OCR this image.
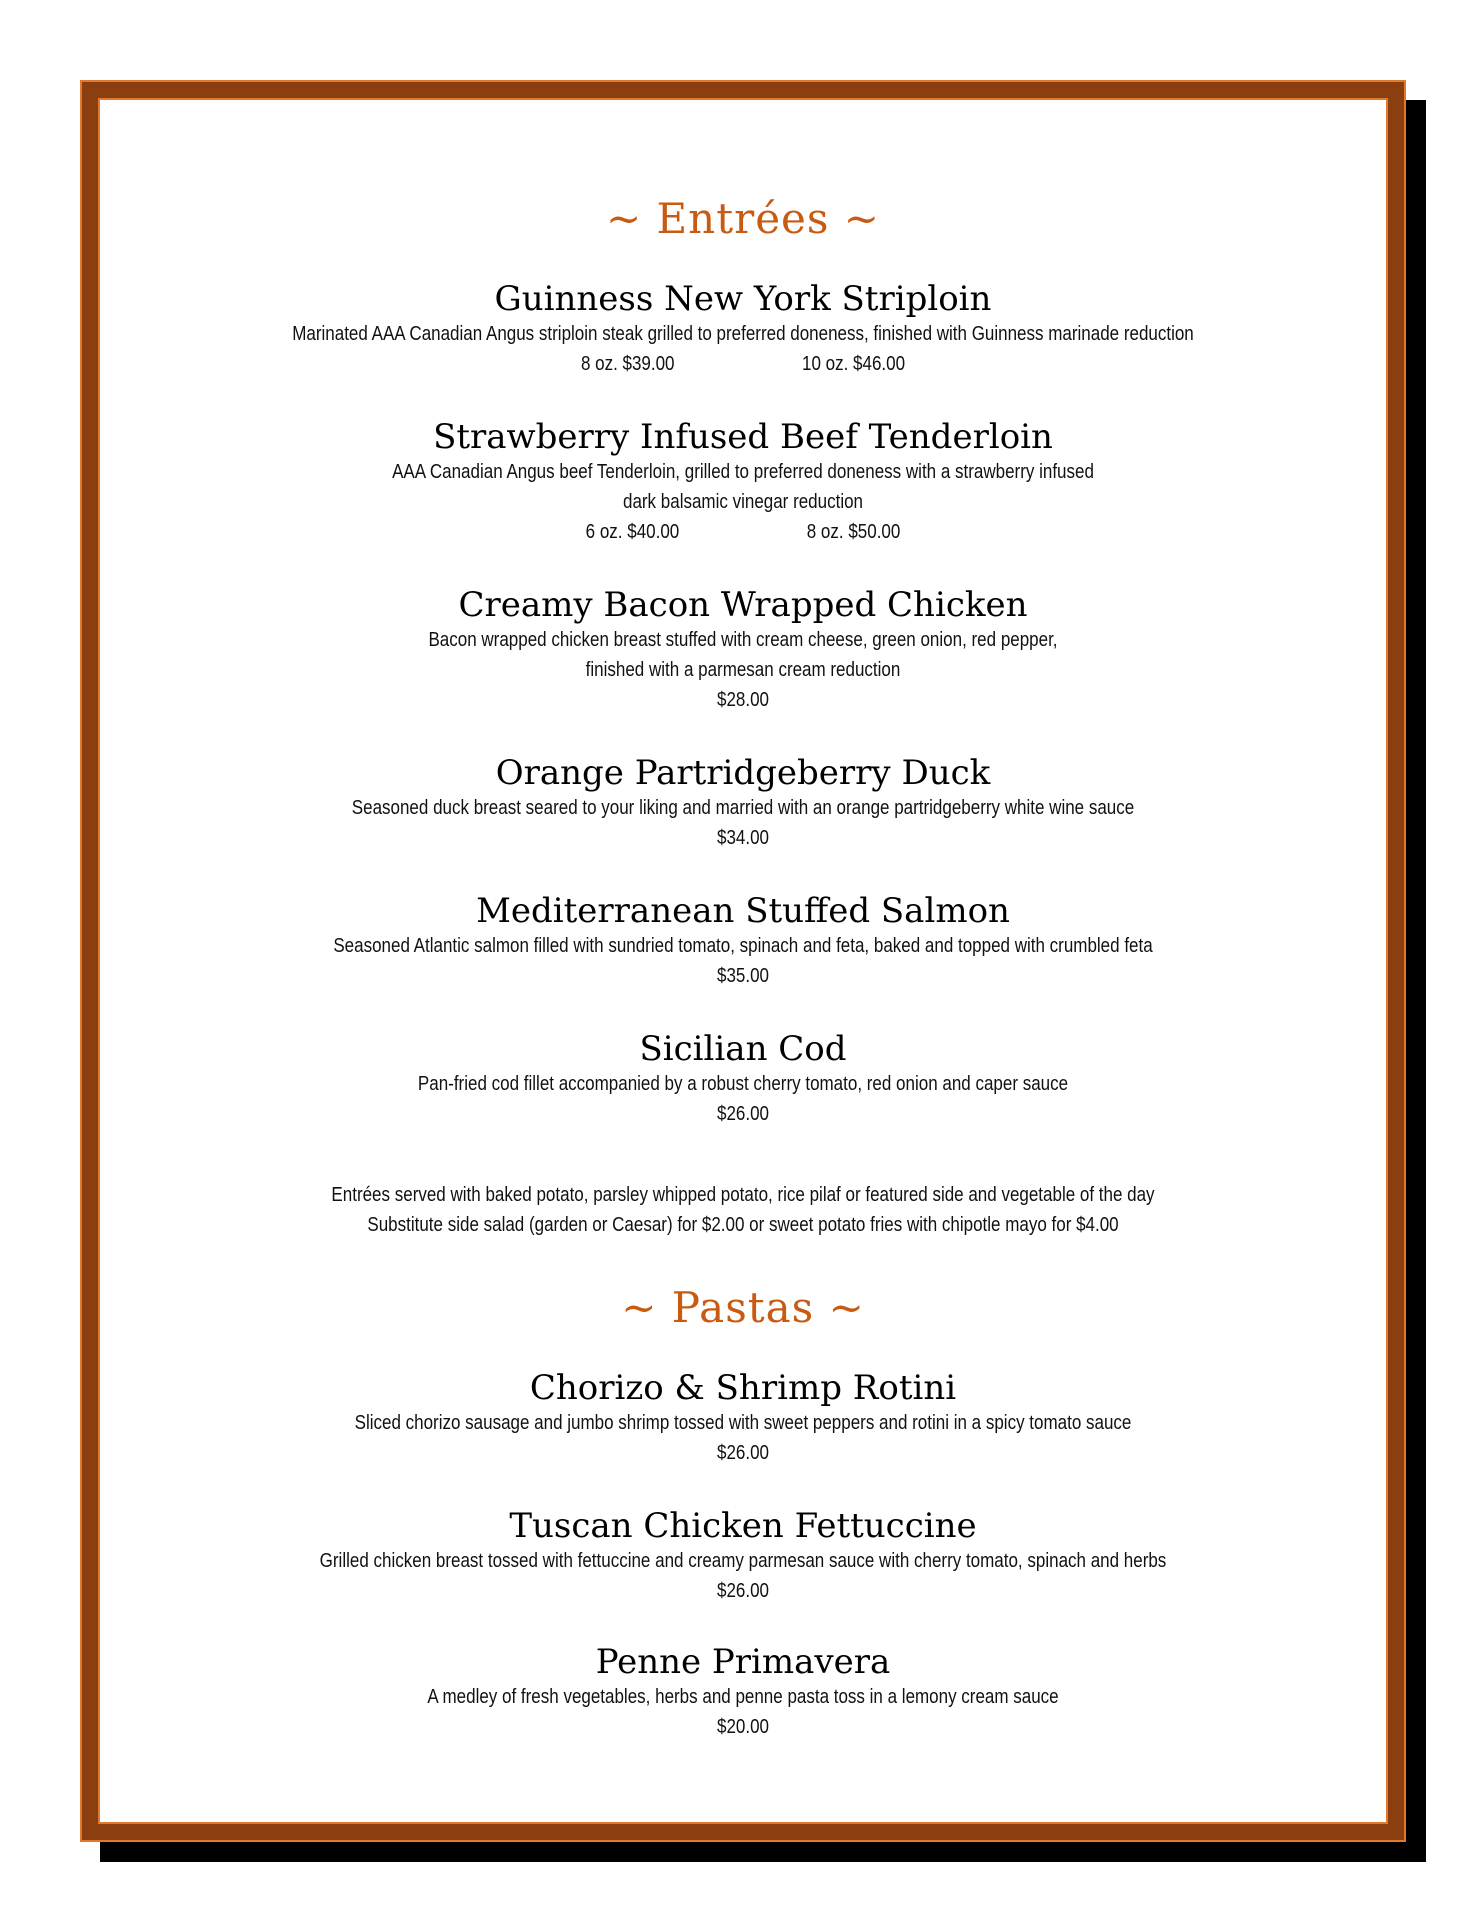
~ Entrées ~
Guinness New York Striploin
Marinated AAA Canadian Angus striploin steak grilled to preferred doneness, finished with Guinness marinade reduction
8 oz. $39.00	10 oz. $46.00
Strawberry Infused Beef Tenderloin
AAA Canadian Angus beef Tenderloin, grilled to preferred doneness with a strawberry infused
dark balsamic vinegar reduction
6 oz. $40.00	8 oz. $50.00
Creamy Bacon Wrapped Chicken
Bacon wrapped chicken breast stuffed with cream cheese, green onion, red pepper,
finished with a parmesan cream reduction
$28.00
Orange Partridgeberry Duck
Seasoned duck breast seared to your liking and married with an orange partridgeberry white wine sauce
$34.00
Mediterranean Stuffed Salmon
Seasoned Atlantic salmon filled with sundried tomato, spinach and feta, baked and topped with crumbled feta
$35.00
Sicilian Cod
Pan-fried cod fillet accompanied by a robust cherry tomato, red onion and caper sauce
$26.00
Entrées served with baked potato, parsley whipped potato, rice pilaf or featured side and vegetable of the day
Substitute side salad (garden or Caesar) for $2.00 or sweet potato fries with chipotle mayo for $4.00
~ Pastas ~
Chorizo & Shrimp Rotini
Sliced chorizo sausage and jumbo shrimp tossed with sweet peppers and rotini in a spicy tomato sauce
$26.00
Tuscan Chicken Fettuccine
Grilled chicken breast tossed with fettuccine and creamy parmesan sauce with cherry tomato, spinach and herbs
$26.00
Penne Primavera
A medley of fresh vegetables, herbs and penne pasta toss in a lemony cream sauce
$20.00
